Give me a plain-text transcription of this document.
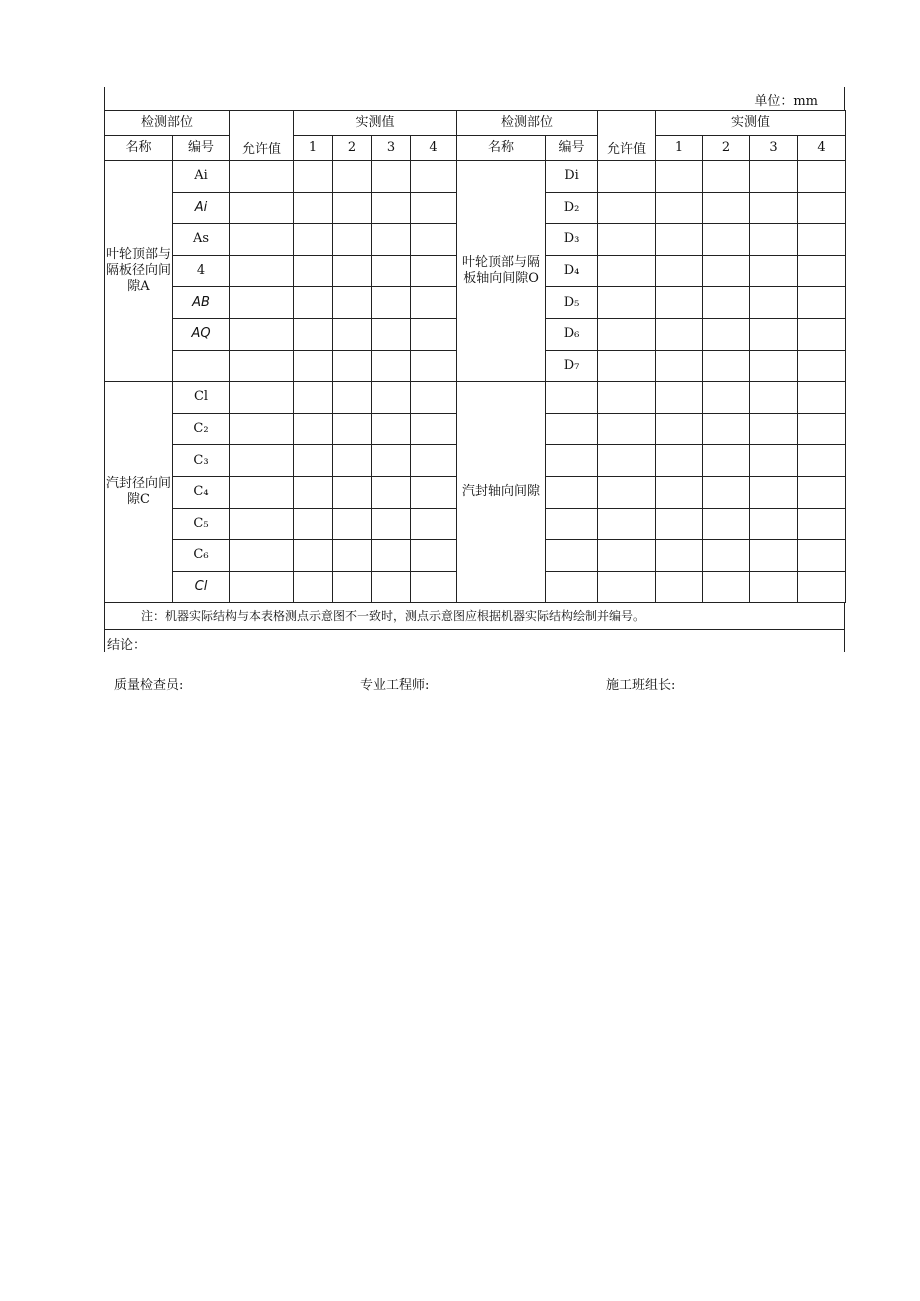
单位：mm
检测部位		允许值	实测值				检测部位		允许值	实测值			
名称	编号		1	2	3	4	名称	编号		1	2	3	4
叶轮顶部与隔板径向间隙A	Ai						叶轮顶部与隔板轴向间隙O	Di					
	Ai							D₂					
	As							D₃					
	4							D₄					
	AB							D₅					
	AQ							D₆					
								D₇					
汽封径向间隙C	Cl						汽封轴向间隙						
	C₂												
	C₃												
	C₄												
	C₅												
	C₆												
	Cl												
注：机器实际结构与本表格测点示意图不一致时，测点示意图应根据机器实际结构绘制并编号。
结论：
质量检查员:	专业工程师:	施工班组长:
